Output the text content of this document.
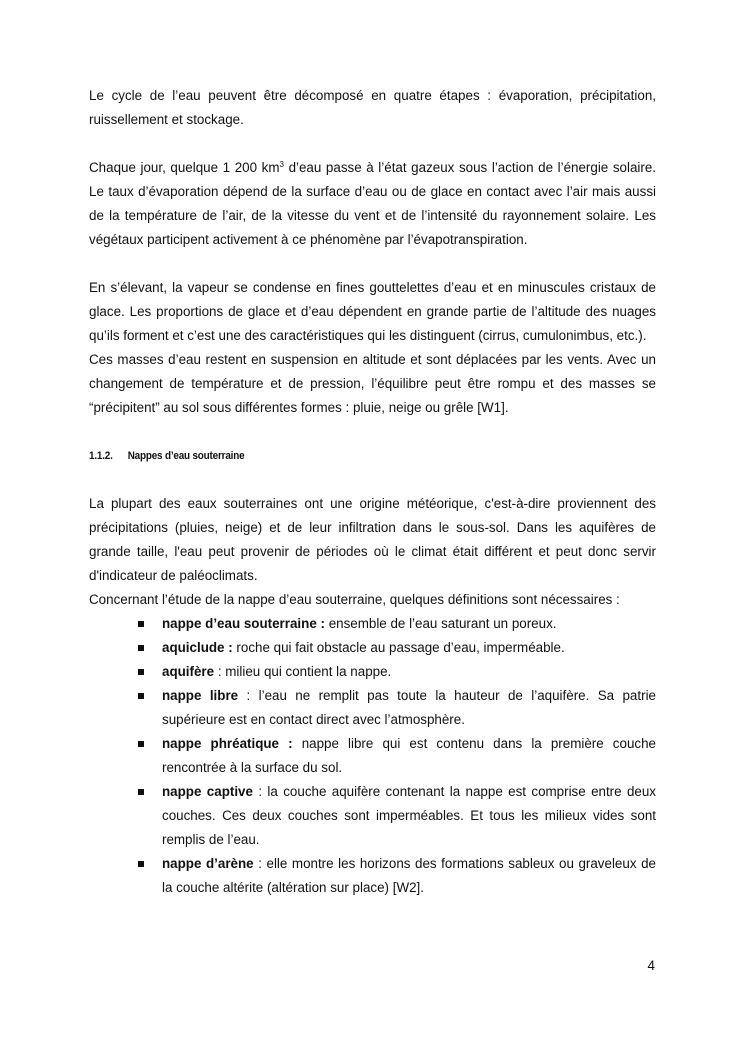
Le cycle de l’eau peuvent être décomposé en quatre étapes : évaporation, précipitation, ruissellement et stockage.

Chaque jour, quelque 1 200 $km^3$ d’eau passe à l’état gazeux sous l’action de l’énergie solaire. Le taux d’évaporation dépend de la surface d’eau ou de glace en contact avec l’air mais aussi de la température de l’air, de la vitesse du vent et de l’intensité du rayonnement solaire. Les végétaux participent activement à ce phénomène par l’évapotranspiration.

En s’élevant, la vapeur se condense en fines gouttelettes d’eau et en minuscules cristaux de glace. Les proportions de glace et d’eau dépendent en grande partie de l’altitude des nuages qu’ils forment et c’est une des caractéristiques qui les distinguent (cirrus, cumulonimbus, etc.).

Ces masses d’eau restent en suspension en altitude et sont déplacées par les vents. Avec un changement de température et de pression, l’équilibre peut être rompu et des masses se “précipitent” au sol sous différentes formes : pluie, neige ou grêle [W1].

1.1.2. Nappes d’eau souterraine

La plupart des eaux souterraines ont une origine météorique, c'est-à-dire proviennent des précipitations (pluies, neige) et de leur infiltration dans le sous-sol. Dans les aquifères de grande taille, l'eau peut provenir de périodes où le climat était différent et peut donc servir d'indicateur de paléoclimats.

Concernant l’étude de la nappe d’eau souterraine, quelques définitions sont nécessaires :

nappe d’eau souterraine : ensemble de l’eau saturant un poreux.
aquiclude : roche qui fait obstacle au passage d’eau, imperméable.
aquifère : milieu qui contient la nappe.
nappe libre : l’eau ne remplit pas toute la hauteur de l’aquifère. Sa patrie supérieure est en contact direct avec l’atmosphère.
nappe phréatique : nappe libre qui est contenu dans la première couche rencontrée à la surface du sol.
nappe captive : la couche aquifère contenant la nappe est comprise entre deux couches. Ces deux couches sont imperméables. Et tous les milieux vides sont remplis de l’eau.
nappe d’arène : elle montre les horizons des formations sableux ou graveleux de la couche altérite (altération sur place) [W2].
4
